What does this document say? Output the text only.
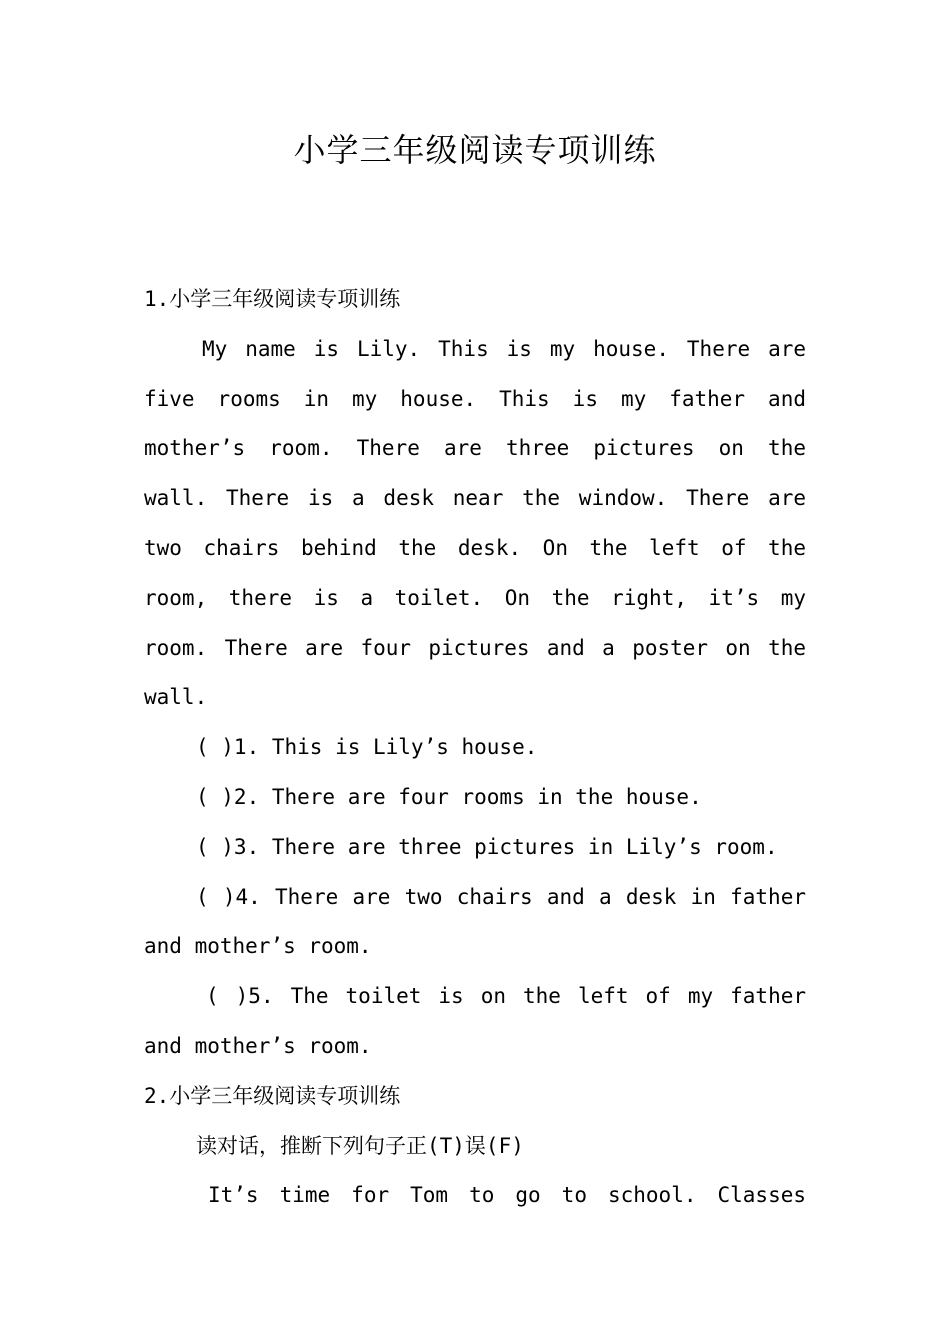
小学三年级阅读专项训练
1.小学三年级阅读专项训练
My name is Lily. This is my house. There are
five rooms in my house. This is my father and
mother’s room. There are three pictures on the
wall. There is a desk near the window. There are
two chairs behind the desk. On the left of the
room, there is a toilet. On the right, it’s my
room. There are four pictures and a poster on the
wall.
( )1. This is Lily’s house.
( )2. There are four rooms in the house.
( )3. There are three pictures in Lily’s room.
( )4. There are two chairs and a desk in father
and mother’s room.
( )5. The toilet is on the left of my father
and mother’s room.
2.小学三年级阅读专项训练
读对话，推断下列句子正(T)误(F)
It’s time for Tom to go to school. Classes
